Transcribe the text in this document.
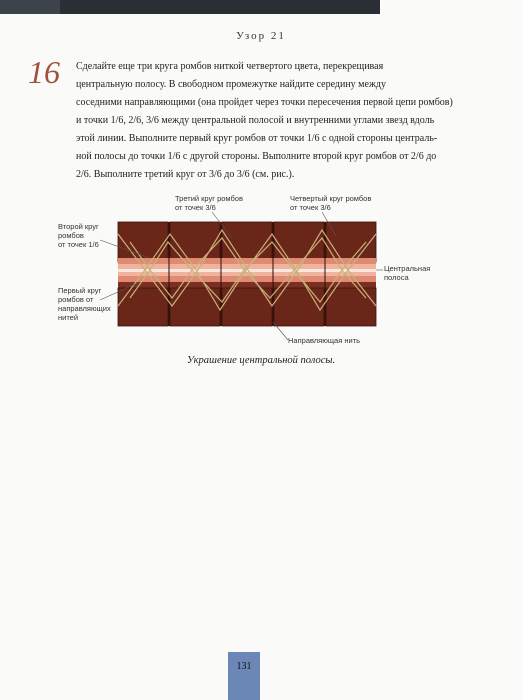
Узор 21
16 Сделайте еще три круга ромбов ниткой четвертого цвета, перекрещивая
центральную полосу. В свободном промежутке найдите середину между
соседними направляющими (она пройдет через точки пересечения первой цепи ромбов)
и точки 1/6, 2/6, 3/6 между центральной полосой и внутренними углами звезд вдоль
этой линии. Выполните первый круг ромбов от точки 1/6 с одной стороны централь-
ной полосы до точки 1/6 с другой стороны. Выполните второй круг ромбов от 2/6 до
2/6. Выполните третий круг от 3/6 до 3/6 (см. рис.).
Третий круг ромбов
от точек 3/6
Четвертый круг ромбов
от точек 3/6
Второй круг
ромбов
от точек 1/6
Центральная
полоса
Первый круг
ромбов от
направляющих
нитей
Направляющая нить
Украшение центральной полосы.
131
